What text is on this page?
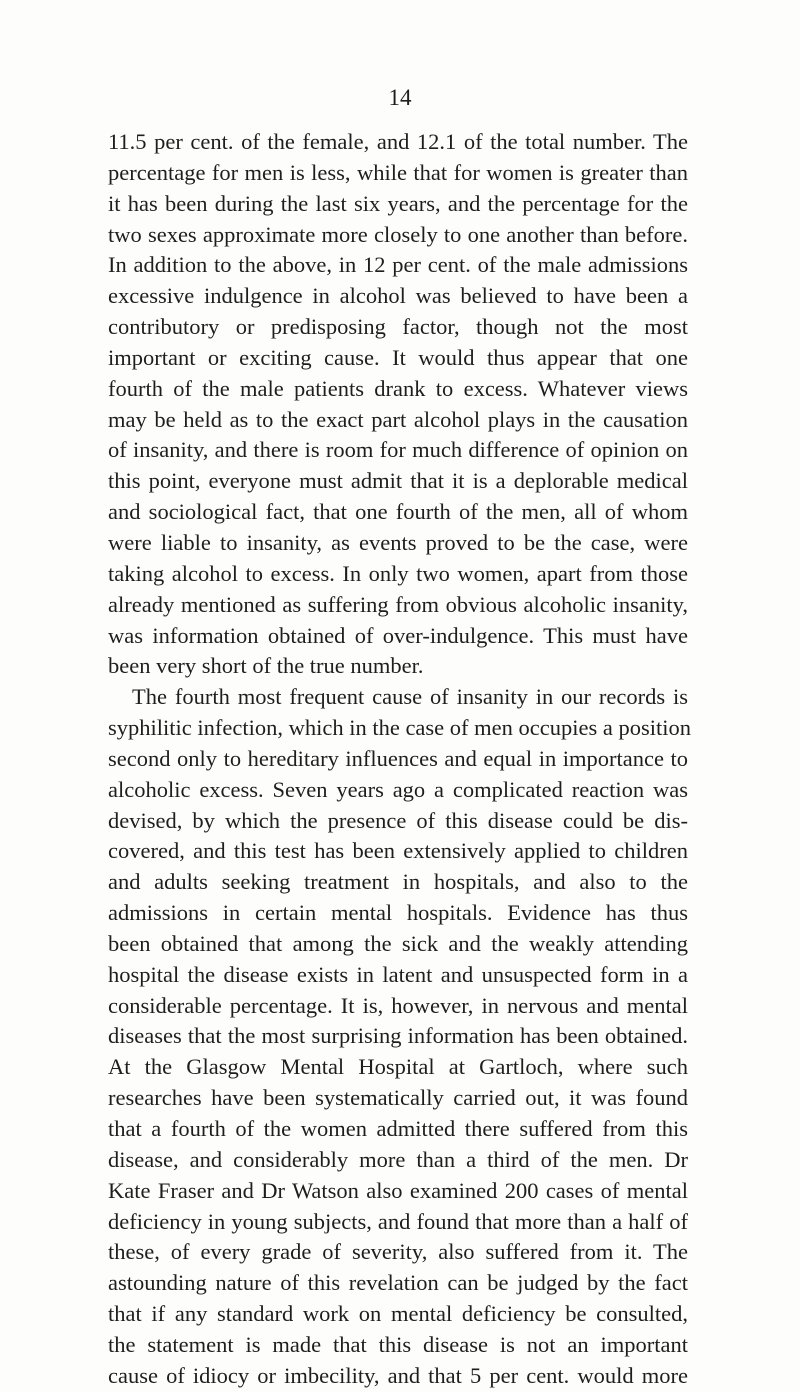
14
11.5 per cent. of the female, and 12.1 of the total number. The
percentage for men is less, while that for women is greater than
it has been during the last six years, and the percentage for the
two sexes approximate more closely to one another than before.
In addition to the above, in 12 per cent. of the male admissions
excessive indulgence in alcohol was believed to have been a
contributory or predisposing factor, though not the most
important or exciting cause. It would thus appear that one
fourth of the male patients drank to excess. Whatever views
may be held as to the exact part alcohol plays in the causation
of insanity, and there is room for much difference of opinion on
this point, everyone must admit that it is a deplorable medical
and sociological fact, that one fourth of the men, all of whom
were liable to insanity, as events proved to be the case, were
taking alcohol to excess. In only two women, apart from those
already mentioned as suffering from obvious alcoholic insanity,
was information obtained of over-indulgence. This must have
been very short of the true number.
The fourth most frequent cause of insanity in our records is
syphilitic infection, which in the case of men occupies a position
second only to hereditary influences and equal in importance to
alcoholic excess. Seven years ago a complicated reaction was
devised, by which the presence of this disease could be dis-
covered, and this test has been extensively applied to children
and adults seeking treatment in hospitals, and also to the
admissions in certain mental hospitals. Evidence has thus
been obtained that among the sick and the weakly attending
hospital the disease exists in latent and unsuspected form in a
considerable percentage. It is, however, in nervous and mental
diseases that the most surprising information has been obtained.
At the Glasgow Mental Hospital at Gartloch, where such
researches have been systematically carried out, it was found
that a fourth of the women admitted there suffered from this
disease, and considerably more than a third of the men. Dr
Kate Fraser and Dr Watson also examined 200 cases of mental
deficiency in young subjects, and found that more than a half of
these, of every grade of severity, also suffered from it. The
astounding nature of this revelation can be judged by the fact
that if any standard work on mental deficiency be consulted,
the statement is made that this disease is not an important
cause of idiocy or imbecility, and that 5 per cent. would more
